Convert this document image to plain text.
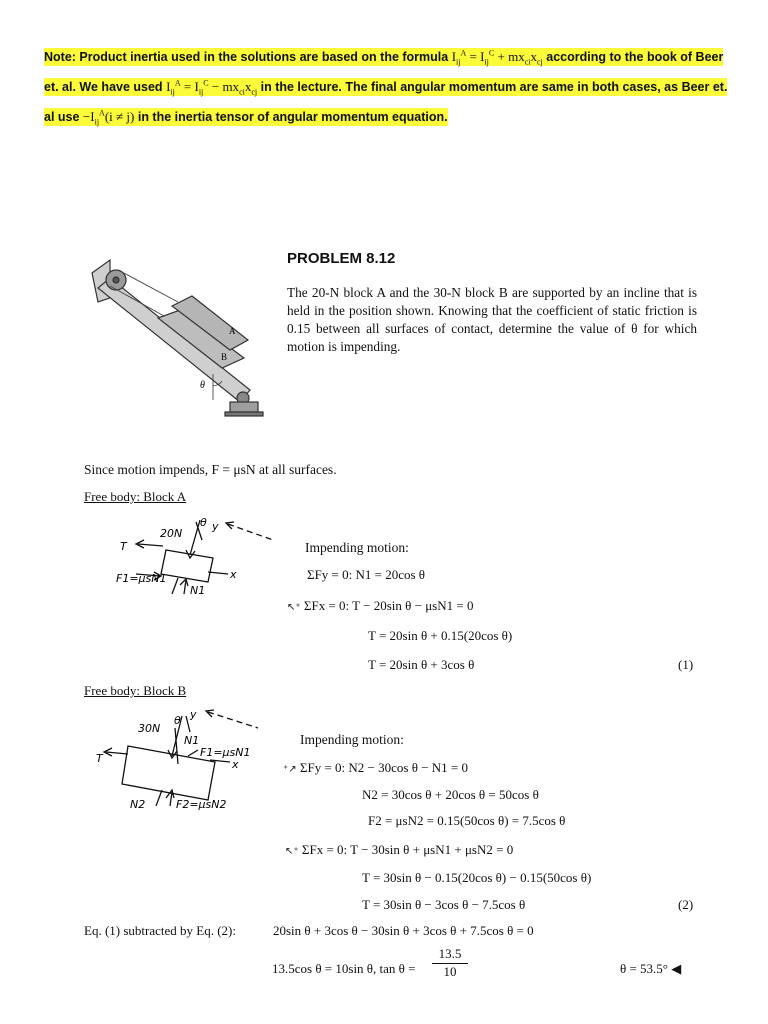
Note: Product inertia used in the solutions are based on the formula $I_{ij}^A = I_{ij}^C + mx_{ci}x_{cj}$ according to the book of Beer et. al. We have used $I_{ij}^A = I_{ij}^C - mx_{ci}x_{cj}$ in the lecture. The final angular momentum are same in both cases, as Beer et. al use $-I_{ij}^A(i \ne j)$ in the inertia tensor of angular momentum equation.
A
B
θ
PROBLEM 8.12
The 20-N block A and the 30-N block B are supported by an incline that is held in the position shown. Knowing that the coefficient of static friction is 0.15 between all surfaces of contact, determine the value of θ for which motion is impending.
Since motion impends, F = μsN at all surfaces.
Free body: Block A
20N
θ y
x
T
F1=μsN1
N1
Impending motion:
ΣFy = 0: N1 = 20cos θ
↖⁺ ΣFx = 0: T − 20sin θ − μsN1 = 0
T = 20sin θ + 0.15(20cos θ)
T = 20sin θ + 3cos θ	(1)
Free body: Block B
30N
θ y
x
T
N1
F1=μsN1
N2	F2=μsN2
Impending motion:
⁺↗ ΣFy = 0: N2 − 30cos θ − N1 = 0
N2 = 30cos θ + 20cos θ = 50cos θ
F2 = μsN2 = 0.15(50cos θ) = 7.5cos θ
↖⁺ ΣFx = 0: T − 30sin θ + μsN1 + μsN2 = 0
T = 30sin θ − 0.15(20cos θ) − 0.15(50cos θ)
T = 30sin θ − 3cos θ − 7.5cos θ	(2)
Eq. (1) subtracted by Eq. (2):	20sin θ + 3cos θ − 30sin θ + 3cos θ + 7.5cos θ = 0
13.5cos θ = 10sin θ, $\tan \theta = \frac{13.5}{10}$	θ = 53.5° ◀
